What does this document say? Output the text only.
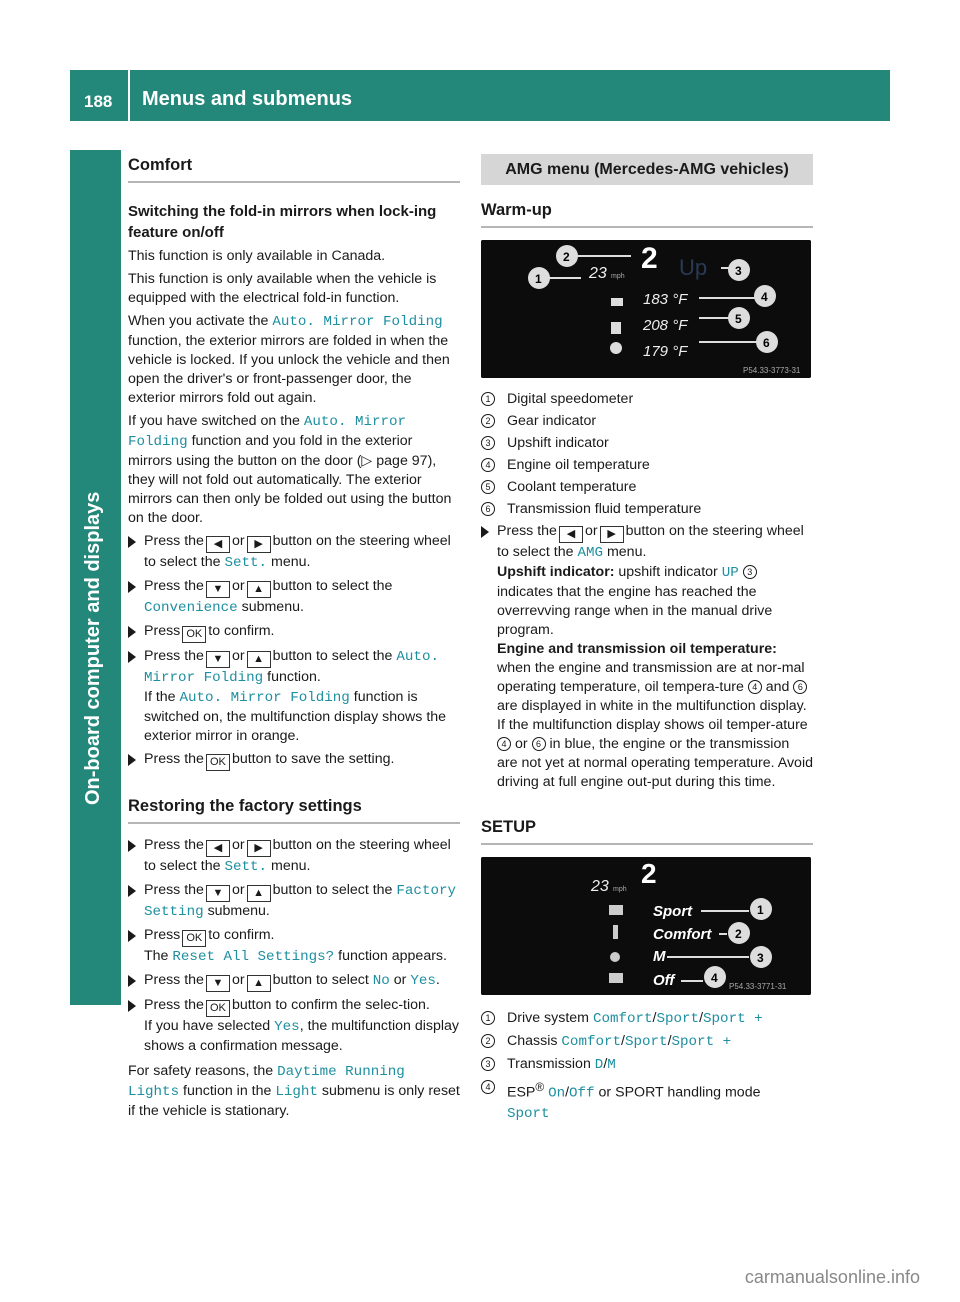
188 Menus and submenus
On-board computer and displays
Comfort
Switching the fold-in mirrors when lock-ing feature on/off

This function is only available in Canada.

This function is only available when the vehicle is equipped with the electrical fold-in function.

When you activate the Auto. Mirror Folding function, the exterior mirrors are folded in when the vehicle is locked. If you unlock the vehicle and then open the driver's or front-passenger door, the exterior mirrors fold out again.

If you have switched on the Auto. Mirror Folding function and you fold in the exterior mirrors using the button on the door (▷ page 97), they will not fold out automatically. The exterior mirrors can then only be folded out using the button on the door.

Press the ◀ or ▶ button on the steering wheel to select the Sett. menu.
Press the ▼ or ▲ button to select the Convenience submenu.
Press OK to confirm.
Press the ▼ or ▲ button to select the Auto. Mirror Folding function.
If the Auto. Mirror Folding function is switched on, the multifunction display shows the exterior mirror in orange.
Press the OK button to save the setting.
Restoring the factory settings
Press the ◀ or ▶ button on the steering wheel to select the Sett. menu.
Press the ▼ or ▲ button to select the Factory Setting submenu.
Press OK to confirm.
The Reset All Settings? function appears.
Press the ▼ or ▲ button to select No or Yes.
Press the OK button to confirm the selec-tion.
If you have selected Yes, the multifunction display shows a confirmation message.

For safety reasons, the Daytime Running Lights function in the Light submenu is only reset if the vehicle is stationary.

AMG menu (Mercedes-AMG vehicles)
Warm-up
23 mph
2 Up
183 °F
208 °F
179 °F
1
2
3
4
5
6
P54.33-3773-31
1	Digital speedometer
2	Gear indicator
3	Upshift indicator
4	Engine oil temperature
5	Coolant temperature
6	Transmission fluid temperature
Press the ◀ or ▶ button on the steering wheel to select the AMG menu.
Upshift indicator: upshift indicator UP 3 indicates that the engine has reached the overrevving range when in the manual drive program.
Engine and transmission oil temperature: when the engine and transmission are at nor-mal operating temperature, oil tempera-ture 4 and 6 are displayed in white in the multifunction display.
If the multifunction display shows oil temper-ature 4 or 6 in blue, the engine or the transmission are not yet at normal operating temperature. Avoid driving at full engine out-put during this time.
SETUP
23 mph
2
Sport
Comfort
M
Off
1
2
3
4
P54.33-3771-31
1	Drive system Comfort/Sport/Sport +
2	Chassis Comfort/Sport/Sport +
3	Transmission D/M
4	ESP® On/Off or SPORT handling mode
Sport
carmanualsonline.info
